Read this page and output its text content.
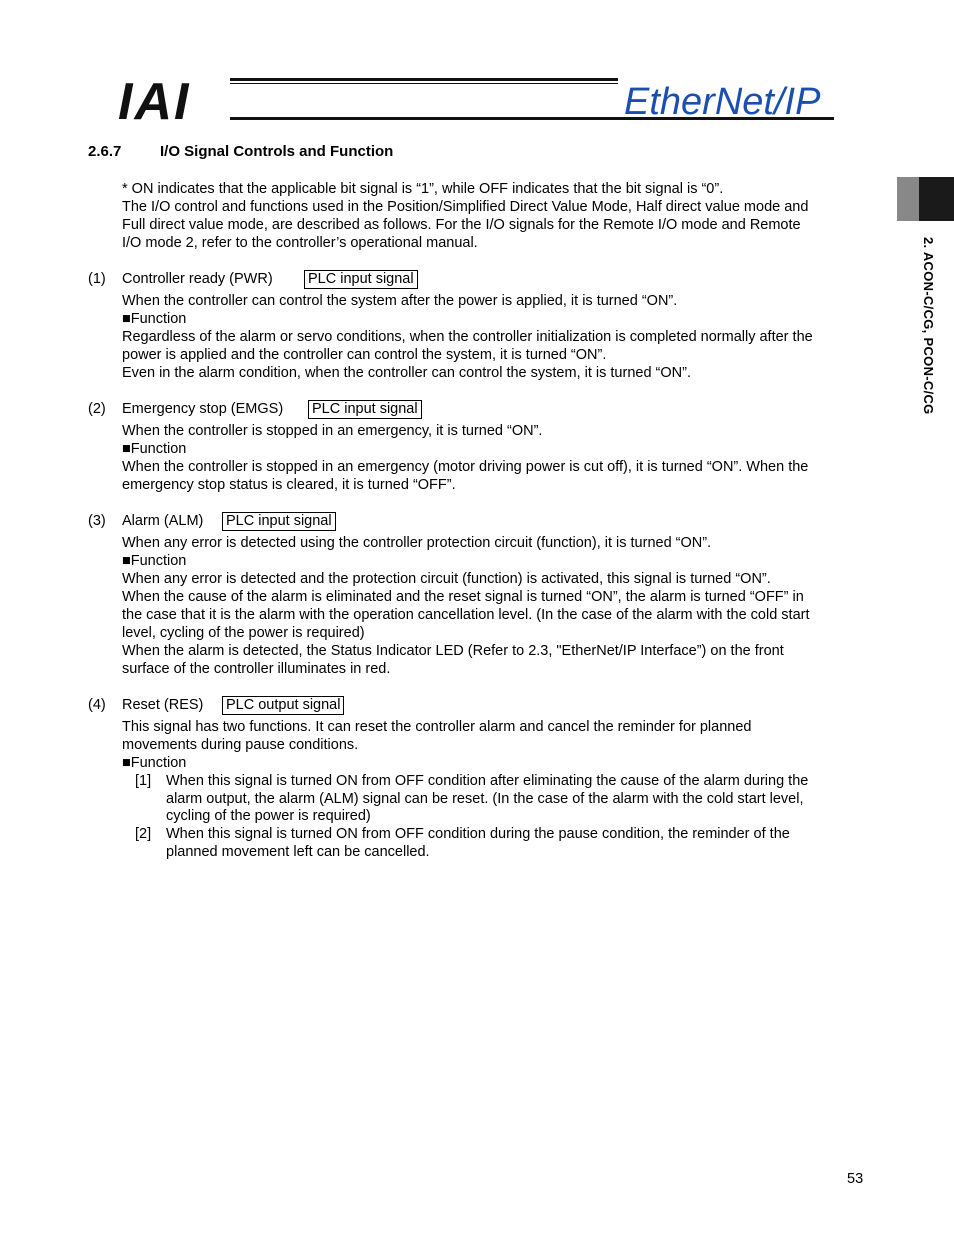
IAI	EtherNet/IP
2. ACON-C/CG, PCON-C/CG
2.6.7	I/O Signal Controls and Function
* ON indicates that the applicable bit signal is “1”, while OFF indicates that the bit signal is “0”.
The I/O control and functions used in the Position/Simplified Direct Value Mode, Half direct value mode and
Full direct value mode, are described as follows. For the I/O signals for the Remote I/O mode and Remote
I/O mode 2, refer to the controller’s operational manual.
(1) Controller ready (PWR) PLC input signal
When the controller can control the system after the power is applied, it is turned “ON”.
■Function
Regardless of the alarm or servo conditions, when the controller initialization is completed normally after the
power is applied and the controller can control the system, it is turned “ON”.
Even in the alarm condition, when the controller can control the system, it is turned “ON”.
(2) Emergency stop (EMGS) PLC input signal
When the controller is stopped in an emergency, it is turned “ON”.
■Function
When the controller is stopped in an emergency (motor driving power is cut off), it is turned “ON”. When the
emergency stop status is cleared, it is turned “OFF”.
(3) Alarm (ALM) PLC input signal
When any error is detected using the controller protection circuit (function), it is turned “ON”.
■Function
When any error is detected and the protection circuit (function) is activated, this signal is turned “ON”.
When the cause of the alarm is eliminated and the reset signal is turned “ON”, the alarm is turned “OFF” in
the case that it is the alarm with the operation cancellation level. (In the case of the alarm with the cold start
level, cycling of the power is required)
When the alarm is detected, the Status Indicator LED (Refer to 2.3, "EtherNet/IP Interface”) on the front
surface of the controller illuminates in red.
(4) Reset (RES) PLC output signal
This signal has two functions. It can reset the controller alarm and cancel the reminder for planned
movements during pause conditions.
■Function
[1] When this signal is turned ON from OFF condition after eliminating the cause of the alarm during the
alarm output, the alarm (ALM) signal can be reset. (In the case of the alarm with the cold start level,
cycling of the power is required)
[2] When this signal is turned ON from OFF condition during the pause condition, the reminder of the
planned movement left can be cancelled.
53
